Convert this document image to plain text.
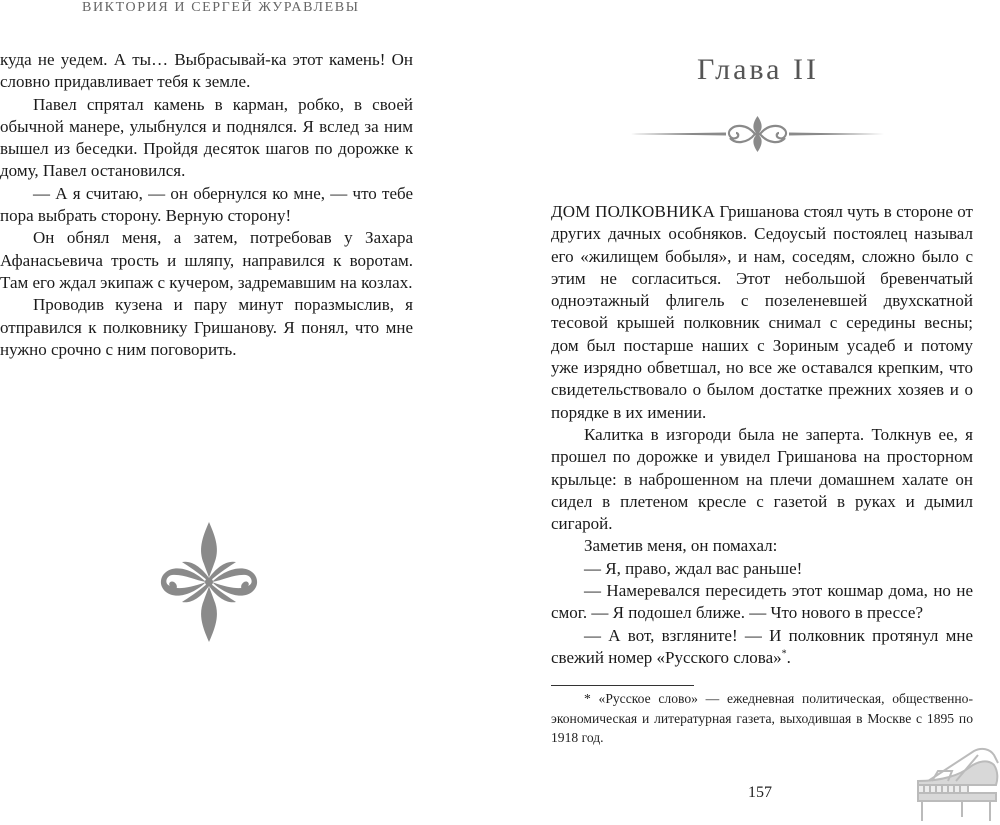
ВИКТОРИЯ И СЕРГЕЙ ЖУРАВЛЕВЫ

куда не уедем. А ты… Выбрасывай-ка этот камень! Он словно придавливает тебя к земле.

Павел спрятал камень в карман, робко, в своей обычной манере, улыбнулся и поднялся. Я вслед за ним вышел из беседки. Пройдя десяток шагов по дорожке к дому, Павел остановился.

— А я считаю, — он обернулся ко мне, — что тебе пора выбрать сторону. Верную сторону!

Он обнял меня, а затем, потребовав у Захара Афанасьевича трость и шляпу, направился к воротам. Там его ждал экипаж с кучером, задремавшим на козлах.

Проводив кузена и пару минут поразмыслив, я отправился к полковнику Гришанову. Я понял, что мне нужно срочно с ним поговорить.

Глава II

ДОМ ПОЛКОВНИКА Гришанова стоял чуть в стороне от других дачных особняков. Седоусый постоялец называл его «жилищем бобыля», и нам, соседям, сложно было с этим не согласиться. Этот небольшой бревенчатый одноэтажный флигель с позеленевшей двухскатной тесовой крышей полковник снимал с середины весны; дом был постарше наших с Зориным усадеб и потому уже изрядно обветшал, но все же оставался крепким, что свидетельствовало о былом достатке прежних хозяев и о порядке в их имении.

Калитка в изгороди была не заперта. Толкнув ее, я прошел по дорожке и увидел Гришанова на просторном крыльце: в наброшенном на плечи домашнем халате он сидел в плетеном кресле с газетой в руках и дымил сигарой.

Заметив меня, он помахал:

— Я, право, ждал вас раньше!

— Намеревался пересидеть этот кошмар дома, но не смог. — Я подошел ближе. — Что нового в прессе?

— А вот, взгляните! — И полковник протянул мне свежий номер «Русского слова»*.

* «Русское слово» — ежедневная политическая, общественно-экономическая и литературная газета, выходившая в Москве с 1895 по 1918 год.

157
